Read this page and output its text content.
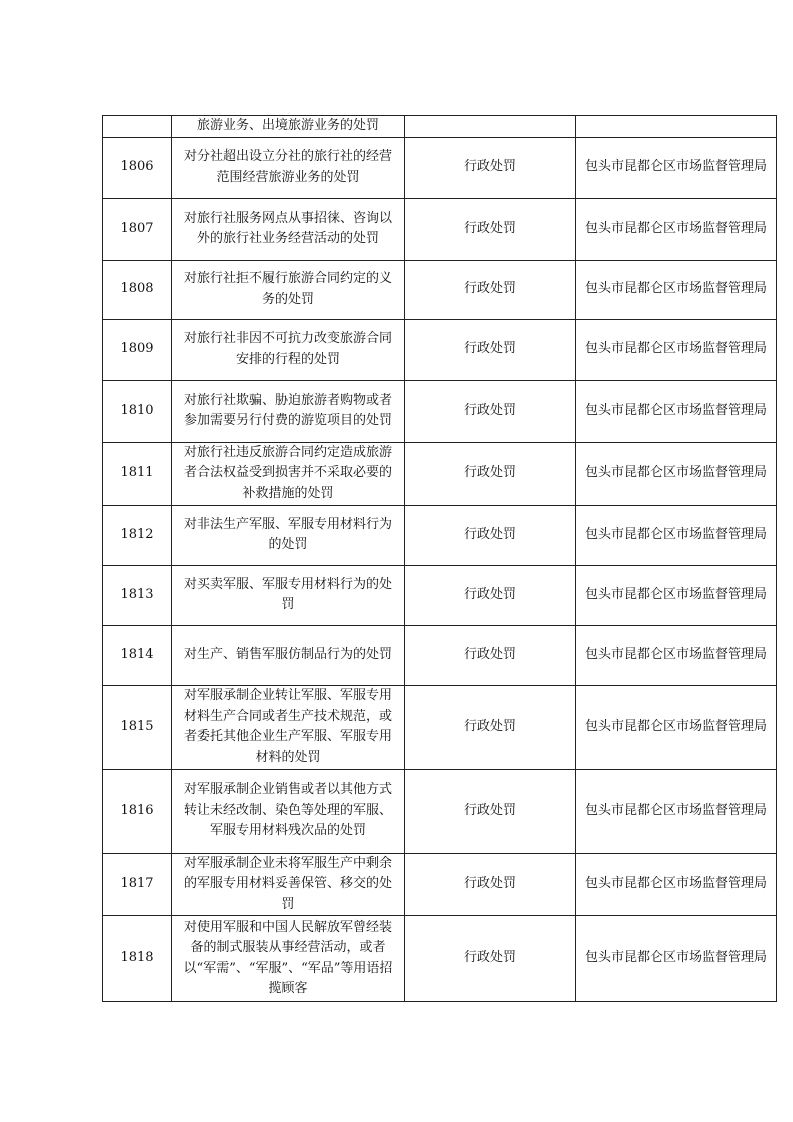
	旅游业务、出境旅游业务的处罚		
1806	对分社超出设立分社的旅行社的经营范围经营旅游业务的处罚	行政处罚	包头市昆都仑区市场监督管理局
1807	对旅行社服务网点从事招徕、咨询以外的旅行社业务经营活动的处罚	行政处罚	包头市昆都仑区市场监督管理局
1808	对旅行社拒不履行旅游合同约定的义务的处罚	行政处罚	包头市昆都仑区市场监督管理局
1809	对旅行社非因不可抗力改变旅游合同安排的行程的处罚	行政处罚	包头市昆都仑区市场监督管理局
1810	对旅行社欺骗、胁迫旅游者购物或者参加需要另行付费的游览项目的处罚	行政处罚	包头市昆都仑区市场监督管理局
1811	对旅行社违反旅游合同约定造成旅游者合法权益受到损害并不采取必要的补救措施的处罚	行政处罚	包头市昆都仑区市场监督管理局
1812	对非法生产军服、军服专用材料行为的处罚	行政处罚	包头市昆都仑区市场监督管理局
1813	对买卖军服、军服专用材料行为的处罚	行政处罚	包头市昆都仑区市场监督管理局
1814	对生产、销售军服仿制品行为的处罚	行政处罚	包头市昆都仑区市场监督管理局
1815	对军服承制企业转让军服、军服专用材料生产合同或者生产技术规范，或者委托其他企业生产军服、军服专用材料的处罚	行政处罚	包头市昆都仑区市场监督管理局
1816	对军服承制企业销售或者以其他方式转让未经改制、染色等处理的军服、军服专用材料残次品的处罚	行政处罚	包头市昆都仑区市场监督管理局
1817	对军服承制企业未将军服生产中剩余的军服专用材料妥善保管、移交的处罚	行政处罚	包头市昆都仑区市场监督管理局
1818	对使用军服和中国人民解放军曾经装备的制式服装从事经营活动，或者以“军需”、“军服”、“军品”等用语招揽顾客	行政处罚	包头市昆都仑区市场监督管理局
